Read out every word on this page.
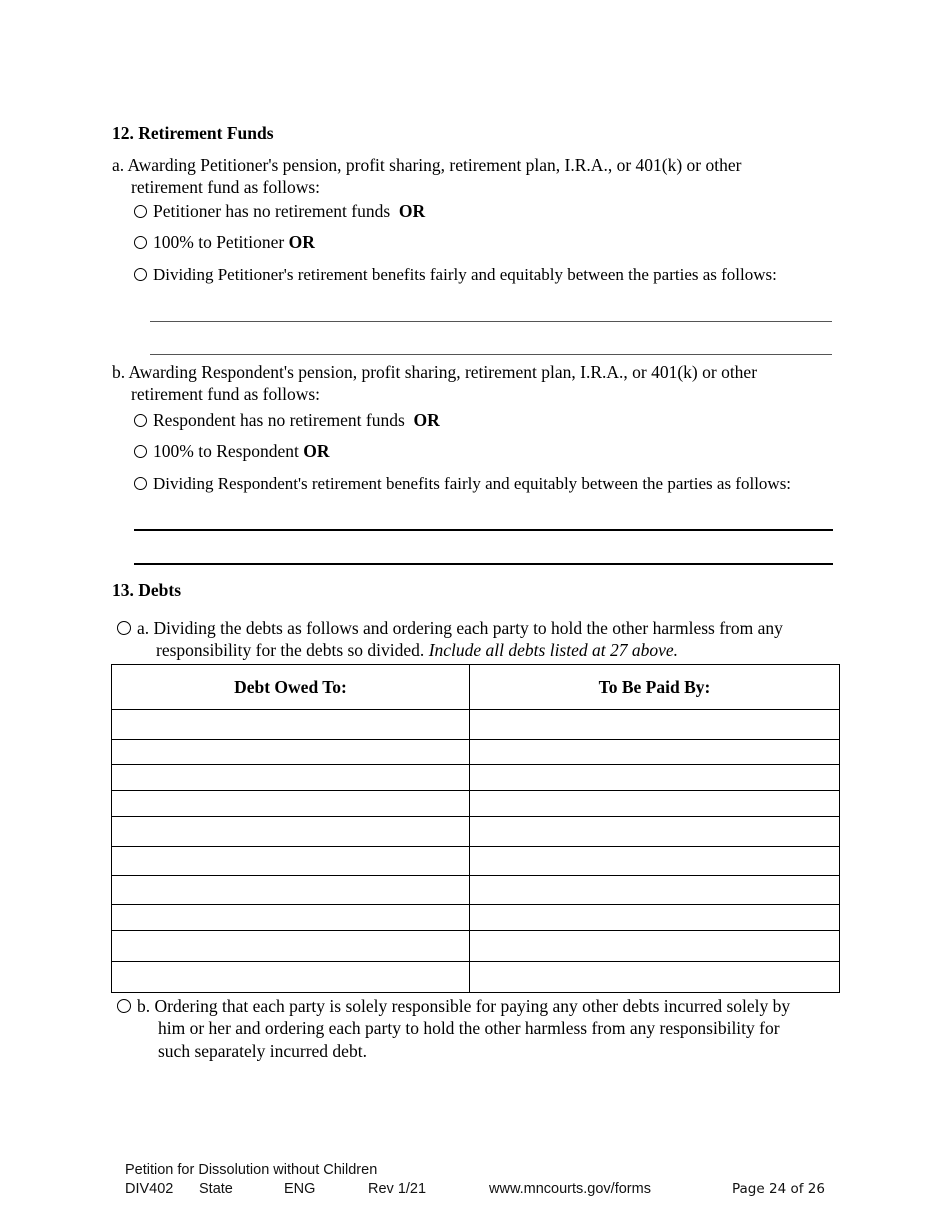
12. Retirement Funds
a. Awarding Petitioner's pension, profit sharing, retirement plan, I.R.A., or 401(k) or other
retirement fund as follows:
Petitioner has no retirement funds OR
100% to Petitioner OR
Dividing Petitioner's retirement benefits fairly and equitably between the parties as follows:
b. Awarding Respondent's pension, profit sharing, retirement plan, I.R.A., or 401(k) or other
retirement fund as follows:
Respondent has no retirement funds OR
100% to Respondent OR
Dividing Respondent's retirement benefits fairly and equitably between the parties as follows:
13. Debts
a. Dividing the debts as follows and ordering each party to hold the other harmless from any
responsibility for the debts so divided. Include all debts listed at 27 above.
Debt Owed To:	To Be Paid By:

b. Ordering that each party is solely responsible for paying any other debts incurred solely by
him or her and ordering each party to hold the other harmless from any responsibility for
such separately incurred debt.
Petition for Dissolution without Children
DIV402 State	ENG	Rev 1/21	www.mncourts.gov/forms	Page 24 of 26
